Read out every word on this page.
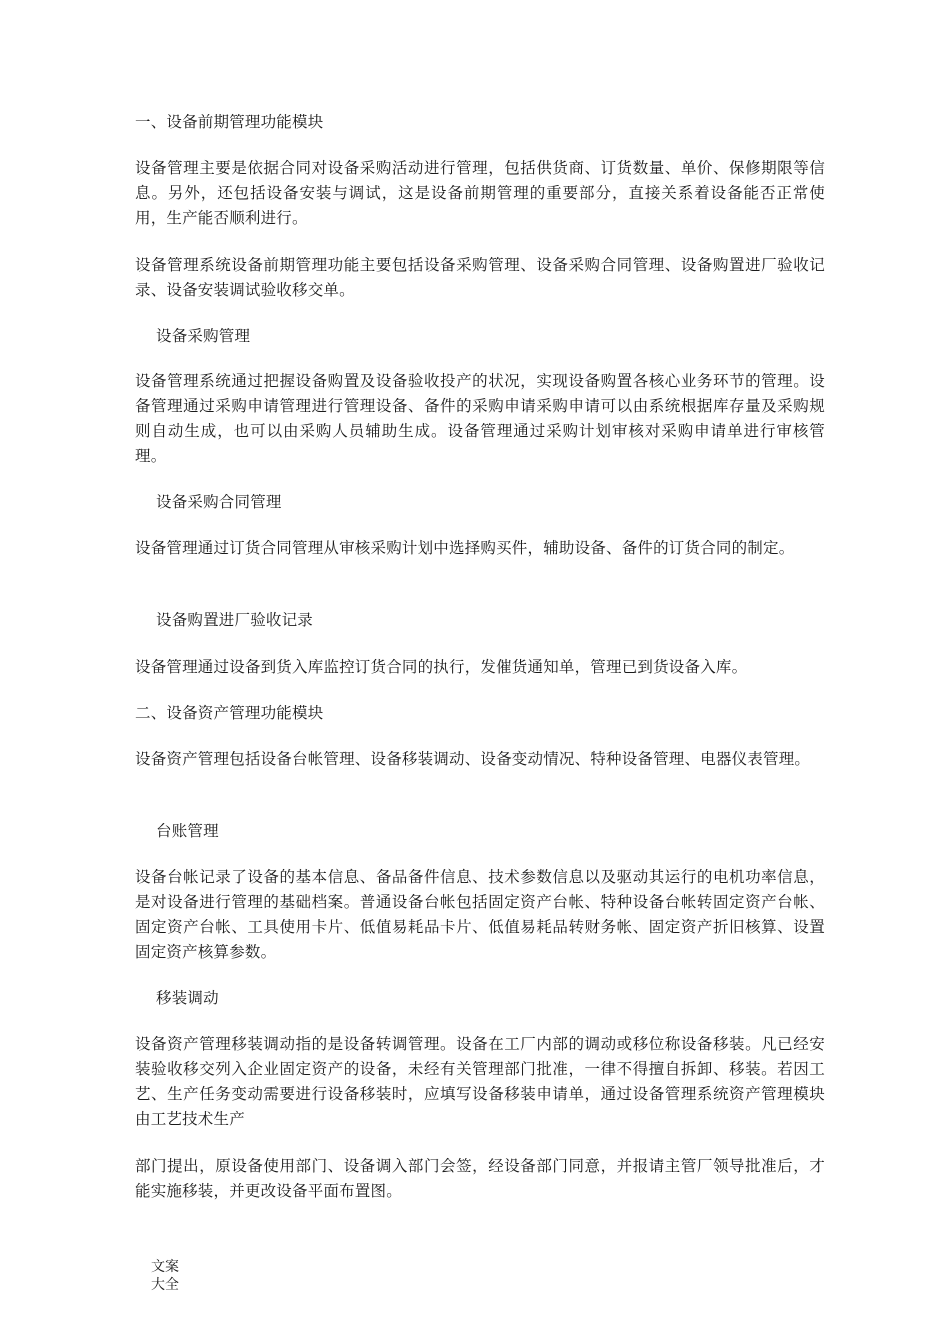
一、设备前期管理功能模块

设备管理主要是依据合同对设备采购活动进行管理，包括供货商、订货数量、单价、保修期限等信息。另外，还包括设备安装与调试，这是设备前期管理的重要部分，直接关系着设备能否正常使用，生产能否顺利进行。

设备管理系统设备前期管理功能主要包括设备采购管理、设备采购合同管理、设备购置进厂验收记录、设备安装调试验收移交单。

设备采购管理

设备管理系统通过把握设备购置及设备验收投产的状况，实现设备购置各核心业务环节的管理。设备管理通过采购申请管理进行管理设备、备件的采购申请采购申请可以由系统根据库存量及采购规则自动生成，也可以由采购人员辅助生成。设备管理通过采购计划审核对采购申请单进行审核管理。

设备采购合同管理

设备管理通过订货合同管理从审核采购计划中选择购买件，辅助设备、备件的订货合同的制定。

设备购置进厂验收记录

设备管理通过设备到货入库监控订货合同的执行，发催货通知单，管理已到货设备入库。

二、设备资产管理功能模块

设备资产管理包括设备台帐管理、设备移装调动、设备变动情况、特种设备管理、电器仪表管理。

台账管理

设备台帐记录了设备的基本信息、备品备件信息、技术参数信息以及驱动其运行的电机功率信息，是对设备进行管理的基础档案。普通设备台帐包括固定资产台帐、特种设备台帐转固定资产台帐、固定资产台帐、工具使用卡片、低值易耗品卡片、低值易耗品转财务帐、固定资产折旧核算、设置固定资产核算参数。

移装调动

设备资产管理移装调动指的是设备转调管理。设备在工厂内部的调动或移位称设备移装。凡已经安装验收移交列入企业固定资产的设备，未经有关管理部门批准，一律不得擅自拆卸、移装。若因工艺、生产任务变动需要进行设备移装时，应填写设备移装申请单，通过设备管理系统资产管理模块由工艺技术生产

部门提出，原设备使用部门、设备调入部门会签，经设备部门同意，并报请主管厂领导批准后，才能实施移装，并更改设备平面布置图。

文案
大全
